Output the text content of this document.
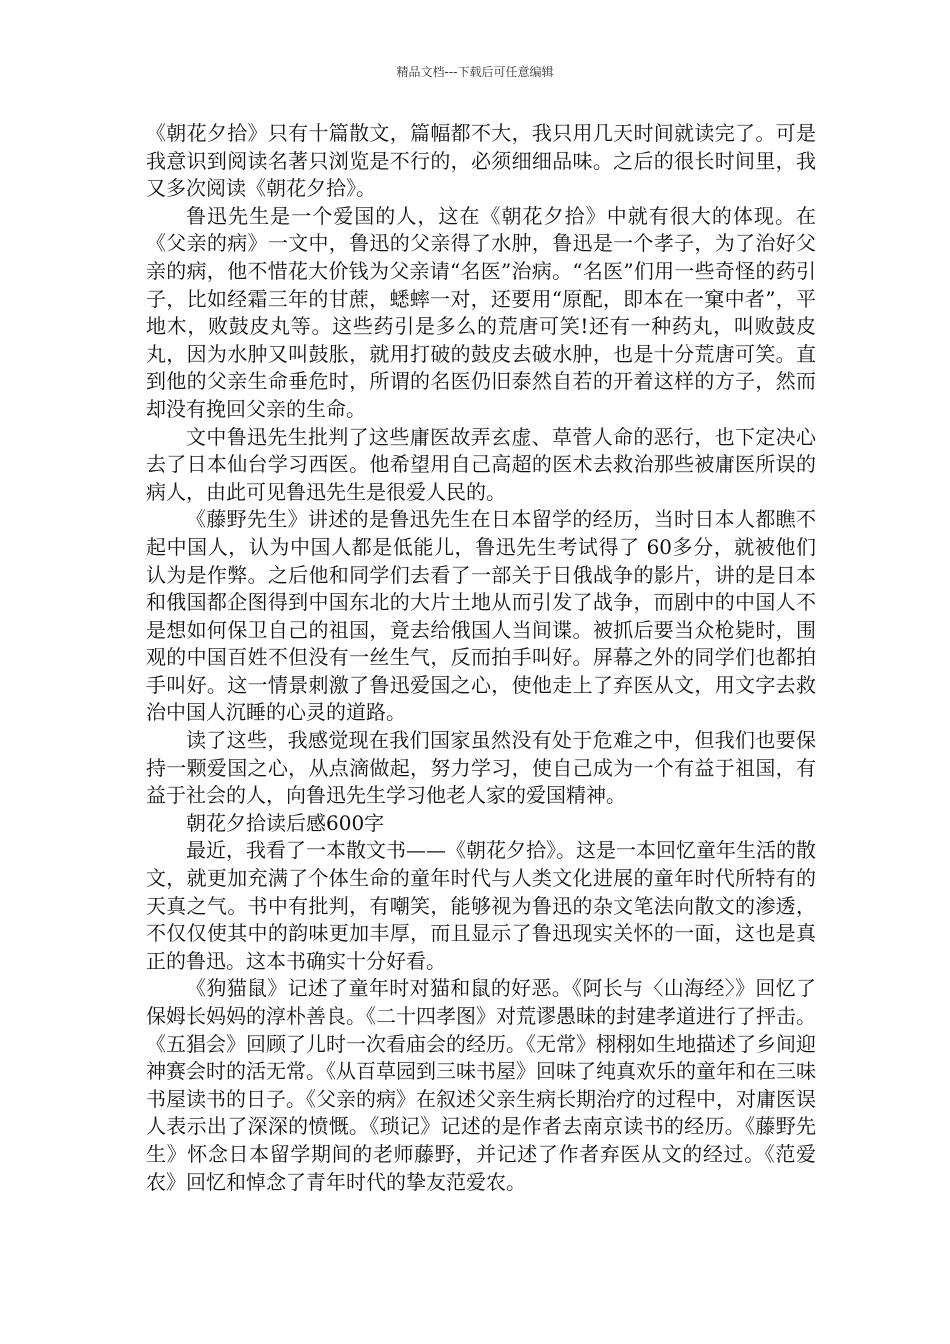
精品文档---下载后可任意编辑

《朝花夕拾》只有十篇散文，篇幅都不大，我只用几天时间就读完了。可是我意识到阅读名著只浏览是不行的，必须细细品味。之后的很长时间里，我又多次阅读《朝花夕拾》。

鲁迅先生是一个爱国的人，这在《朝花夕拾》中就有很大的体现。在《父亲的病》一文中，鲁迅的父亲得了水肿，鲁迅是一个孝子，为了治好父亲的病，他不惜花大价钱为父亲请“名医”治病。“名医”们用一些奇怪的药引子，比如经霜三年的甘蔗，蟋蟀一对，还要用“原配，即本在一窠中者”，平地木，败鼓皮丸等。这些药引是多么的荒唐可笑!还有一种药丸，叫败鼓皮丸，因为水肿又叫鼓胀，就用打破的鼓皮去破水肿，也是十分荒唐可笑。直到他的父亲生命垂危时，所谓的名医仍旧泰然自若的开着这样的方子，然而却没有挽回父亲的生命。

文中鲁迅先生批判了这些庸医故弄玄虚、草菅人命的恶行，也下定决心去了日本仙台学习西医。他希望用自己高超的医术去救治那些被庸医所误的病人，由此可见鲁迅先生是很爱人民的。

《藤野先生》讲述的是鲁迅先生在日本留学的经历，当时日本人都瞧不起中国人，认为中国人都是低能儿，鲁迅先生考试得了 60多分，就被他们认为是作弊。之后他和同学们去看了一部关于日俄战争的影片，讲的是日本和俄国都企图得到中国东北的大片土地从而引发了战争，而剧中的中国人不是想如何保卫自己的祖国，竟去给俄国人当间谍。被抓后要当众枪毙时，围观的中国百姓不但没有一丝生气，反而拍手叫好。屏幕之外的同学们也都拍手叫好。这一情景刺激了鲁迅爱国之心，使他走上了弃医从文，用文字去救治中国人沉睡的心灵的道路。

读了这些，我感觉现在我们国家虽然没有处于危难之中，但我们也要保持一颗爱国之心，从点滴做起，努力学习，使自己成为一个有益于祖国，有益于社会的人，向鲁迅先生学习他老人家的爱国精神。

朝花夕拾读后感600字

最近，我看了一本散文书——《朝花夕拾》。这是一本回忆童年生活的散文，就更加充满了个体生命的童年时代与人类文化进展的童年时代所特有的天真之气。书中有批判，有嘲笑，能够视为鲁迅的杂文笔法向散文的渗透，不仅仅使其中的韵味更加丰厚，而且显示了鲁迅现实关怀的一面，这也是真正的鲁迅。这本书确实十分好看。

《狗猫鼠》记述了童年时对猫和鼠的好恶。《阿长与〈山海经〉》回忆了保姆长妈妈的淳朴善良。《二十四孝图》对荒谬愚昧的封建孝道进行了抨击。《五猖会》回顾了儿时一次看庙会的经历。《无常》栩栩如生地描述了乡间迎神赛会时的活无常。《从百草园到三味书屋》回味了纯真欢乐的童年和在三味书屋读书的日子。《父亲的病》在叙述父亲生病长期治疗的过程中，对庸医误人表示出了深深的愤慨。《琐记》记述的是作者去南京读书的经历。《藤野先生》怀念日本留学期间的老师藤野，并记述了作者弃医从文的经过。《范爱农》回忆和悼念了青年时代的挚友范爱农。
